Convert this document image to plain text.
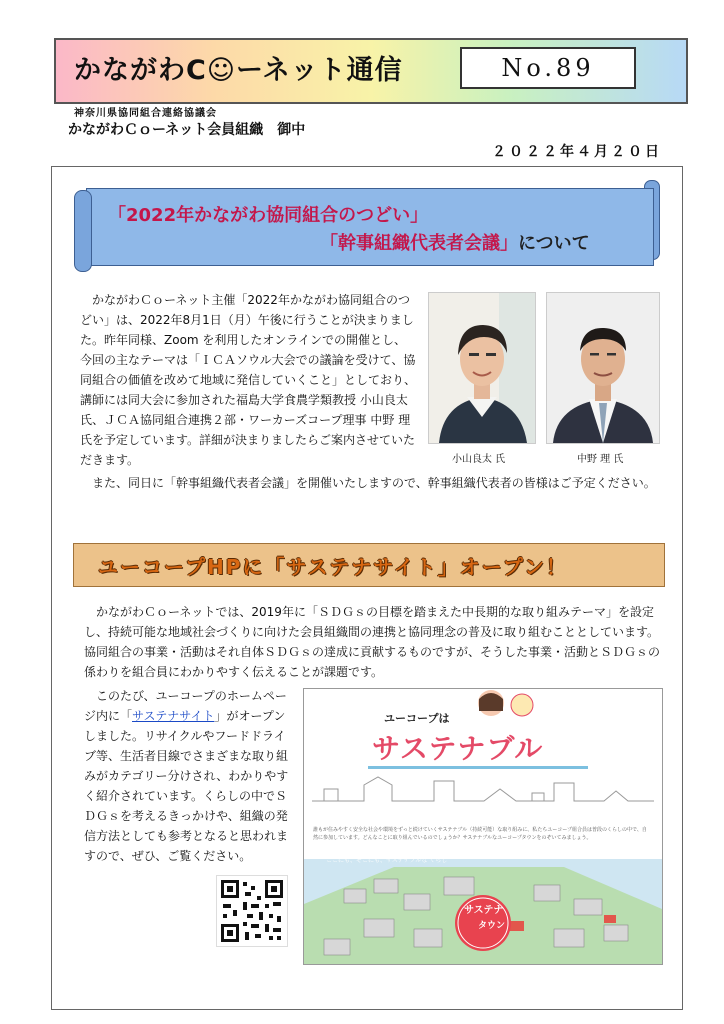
かながわC☺ーネット通信	No.89
神奈川県協同組合連絡協議会
かながわＣｏーネット会員組織　御中
２０２２年４月２０日
「2022年かながわ協同組合のつどい」
「幹事組織代表者会議」について
　かながわＣｏーネット主催「2022年かながわ協同組合のつどい」は、2022年8月1日（月）午後に行うことが決まりました。昨年同様、Zoom を利用したオンラインでの開催とし、今回の主なテーマは「ＩＣＡソウル大会での議論を受けて、協同組合の価値を改めて地域に発信していくこと」としており、講師には同大会に参加された福島大学食農学類教授 小山良太氏、ＪＣＡ協同組合連携２部・ワーカーズコープ理事 中野 理氏を予定しています。詳細が決まりましたらご案内させていただきます。
　また、同日に「幹事組織代表者会議」を開催いたしますので、幹事組織代表者の皆様はご予定ください。
小山良太 氏	中野 理 氏
ユーコープHPに「サステナサイト」オープン！
　かながわＣｏーネットでは、2019年に「ＳＤＧｓの目標を踏まえた中長期的な取り組みテーマ」を設定し、持続可能な地域社会づくりに向けた会員組織間の連携と協同理念の普及に取り組むこととしています。協同組合の事業・活動はそれ自体ＳＤＧｓの達成に貢献するものですが、そうした事業・活動とＳＤＧｓの係わりを組合員にわかりやすく伝えることが課題です。
　このたび、ユーコープのホームページ内に「サステナサイト」がオープンしました。リサイクルやフードドライブ等、生活者目線でさまざまな取り組みがカテゴリー分けされ、わかりやすく紹介されています。くらしの中でＳＤＧｓを考えるきっかけや、組織の発信方法としても参考となると思われますので、ぜひ、ご覧ください。
ユーコープは
サステナブル
誰もが住みやすく安全な社会や環境をずっと続けていくサステナブル（持続可能）な取り組みに、私たちユーコープ組合員は普段のくらしの中で、自然に参加しています。どんなことに取り組んでいるのでしょうか？サステナブルなユーコープタウンをのぞいてみましょう。
ここにも、そこにも、サステナブルな くらし
サステナ
タウン
